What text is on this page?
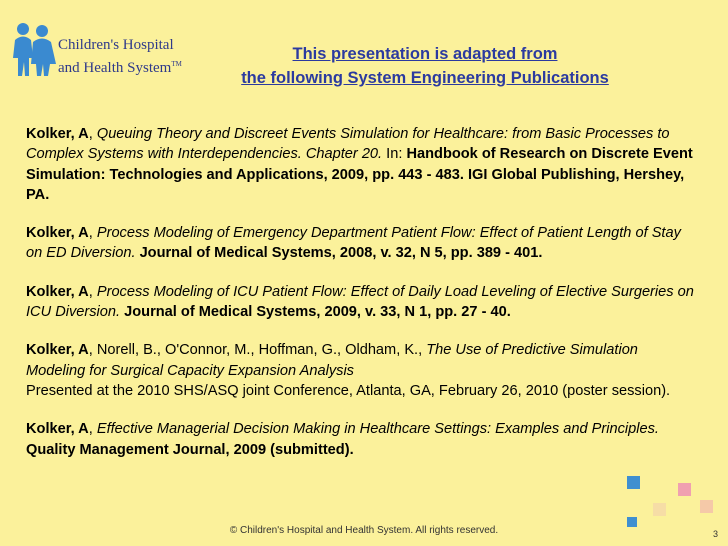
Children's Hospital
and Health System™
This presentation is adapted from
the following System Engineering Publications

Kolker, A, Queuing Theory and Discreet Events Simulation for Healthcare: from Basic Processes to Complex Systems with Interdependencies. Chapter 20. In: Handbook of Research on Discrete Event Simulation: Technologies and Applications, 2009, pp. 443 - 483. IGI Global Publishing, Hershey, PA.

Kolker, A, Process Modeling of Emergency Department Patient Flow: Effect of Patient Length of Stay on ED Diversion. Journal of Medical Systems, 2008, v. 32, N 5, pp. 389 - 401.

Kolker, A, Process Modeling of ICU Patient Flow: Effect of Daily Load Leveling of Elective Surgeries on ICU Diversion. Journal of Medical Systems, 2009, v. 33, N 1, pp. 27 - 40.

Kolker, A, Norell, B., O'Connor, M., Hoffman, G., Oldham, K., The Use of Predictive Simulation Modeling for Surgical Capacity Expansion Analysis
Presented at the 2010 SHS/ASQ joint Conference, Atlanta, GA, February 26, 2010 (poster session).

Kolker, A, Effective Managerial Decision Making in Healthcare Settings: Examples and Principles. Quality Management Journal, 2009 (submitted).

© Children's Hospital and Health System. All rights reserved.	3
